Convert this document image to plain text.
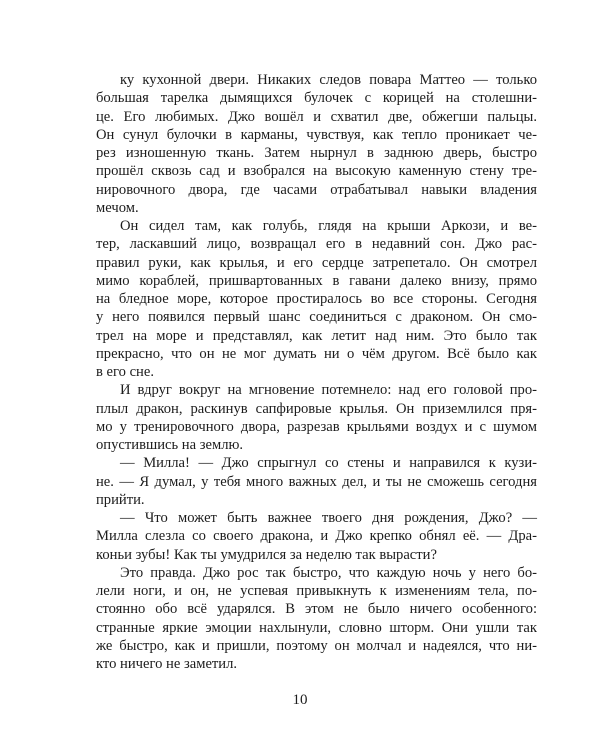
ку кухонной двери. Никаких следов повара Маттео — только
большая тарелка дымящихся булочек с корицей на столешни-
це. Его любимых. Джо вошёл и схватил две, обжегши пальцы.
Он сунул булочки в карманы, чувствуя, как тепло проникает че-
рез изношенную ткань. Затем нырнул в заднюю дверь, быстро
прошёл сквозь сад и взобрался на высокую каменную стену тре-
нировочного двора, где часами отрабатывал навыки владения
мечом.
Он сидел там, как голубь, глядя на крыши Аркози, и ве-
тер, ласкавший лицо, возвращал его в недавний сон. Джо рас-
правил руки, как крылья, и его сердце затрепетало. Он смотрел
мимо кораблей, пришвартованных в гавани далеко внизу, прямо
на бледное море, которое простиралось во все стороны. Сегодня
у него появился первый шанс соединиться с драконом. Он смо-
трел на море и представлял, как летит над ним. Это было так
прекрасно, что он не мог думать ни о чём другом. Всё было как
в его сне.
И вдруг вокруг на мгновение потемнело: над его головой про-
плыл дракон, раскинув сапфировые крылья. Он приземлился пря-
мо у тренировочного двора, разрезав крыльями воздух и с шумом
опустившись на землю.
— Милла! — Джо спрыгнул со стены и направился к кузи-
не. — Я думал, у тебя много важных дел, и ты не сможешь сегодня
прийти.
— Что может быть важнее твоего дня рождения, Джо? —
Милла слезла со своего дракона, и Джо крепко обнял её. — Дра-
коньи зубы! Как ты умудрился за неделю так вырасти?
Это правда. Джо рос так быстро, что каждую ночь у него бо-
лели ноги, и он, не успевая привыкнуть к изменениям тела, по-
стоянно обо всё ударялся. В этом не было ничего особенного:
странные яркие эмоции нахлынули, словно шторм. Они ушли так
же быстро, как и пришли, поэтому он молчал и надеялся, что ни-
кто ничего не заметил.
10
